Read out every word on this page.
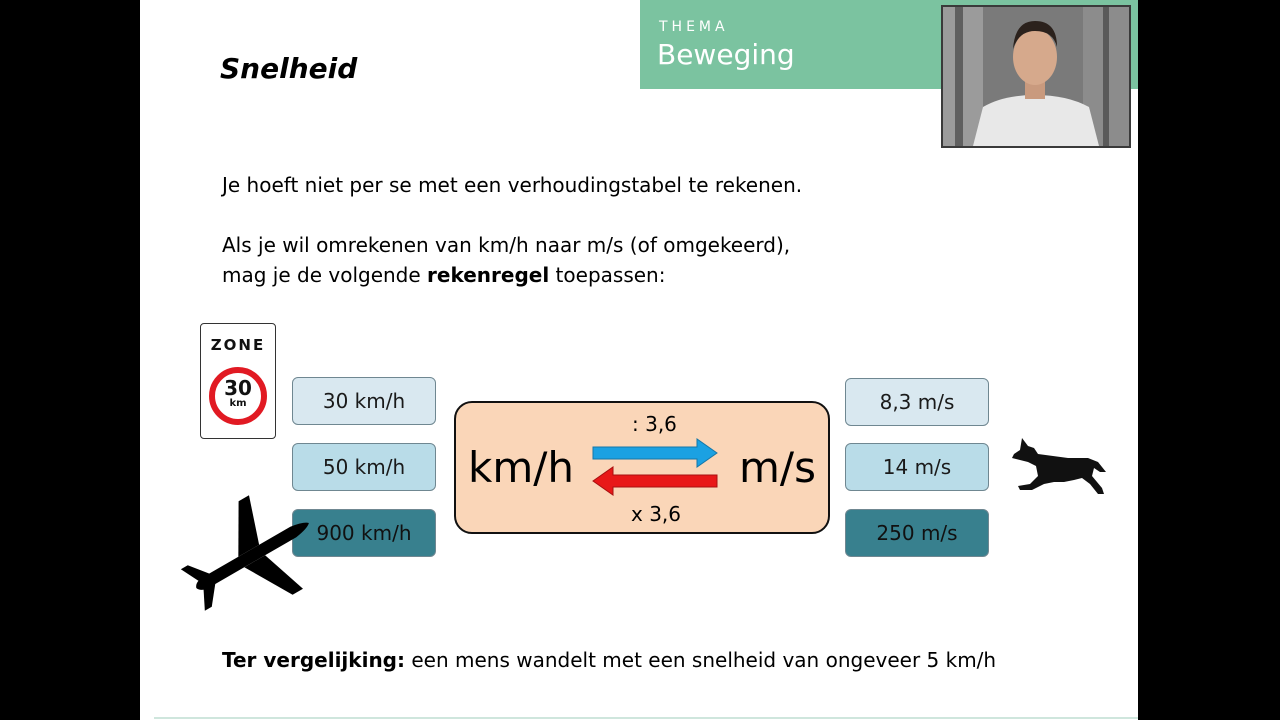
THEMA
Beweging
Snelheid
Je hoeft niet per se met een verhoudingstabel te rekenen.
Als je wil omrekenen van km/h naar m/s (of omgekeerd),
mag je de volgende rekenregel toepassen:
ZONE
30
km	30 km/h
50 km/h
900 km/h
8,3 m/s
14 m/s
250 m/s
km/h	m/s
: 3,6
x 3,6
Ter vergelijking: een mens wandelt met een snelheid van ongeveer 5 km/h
